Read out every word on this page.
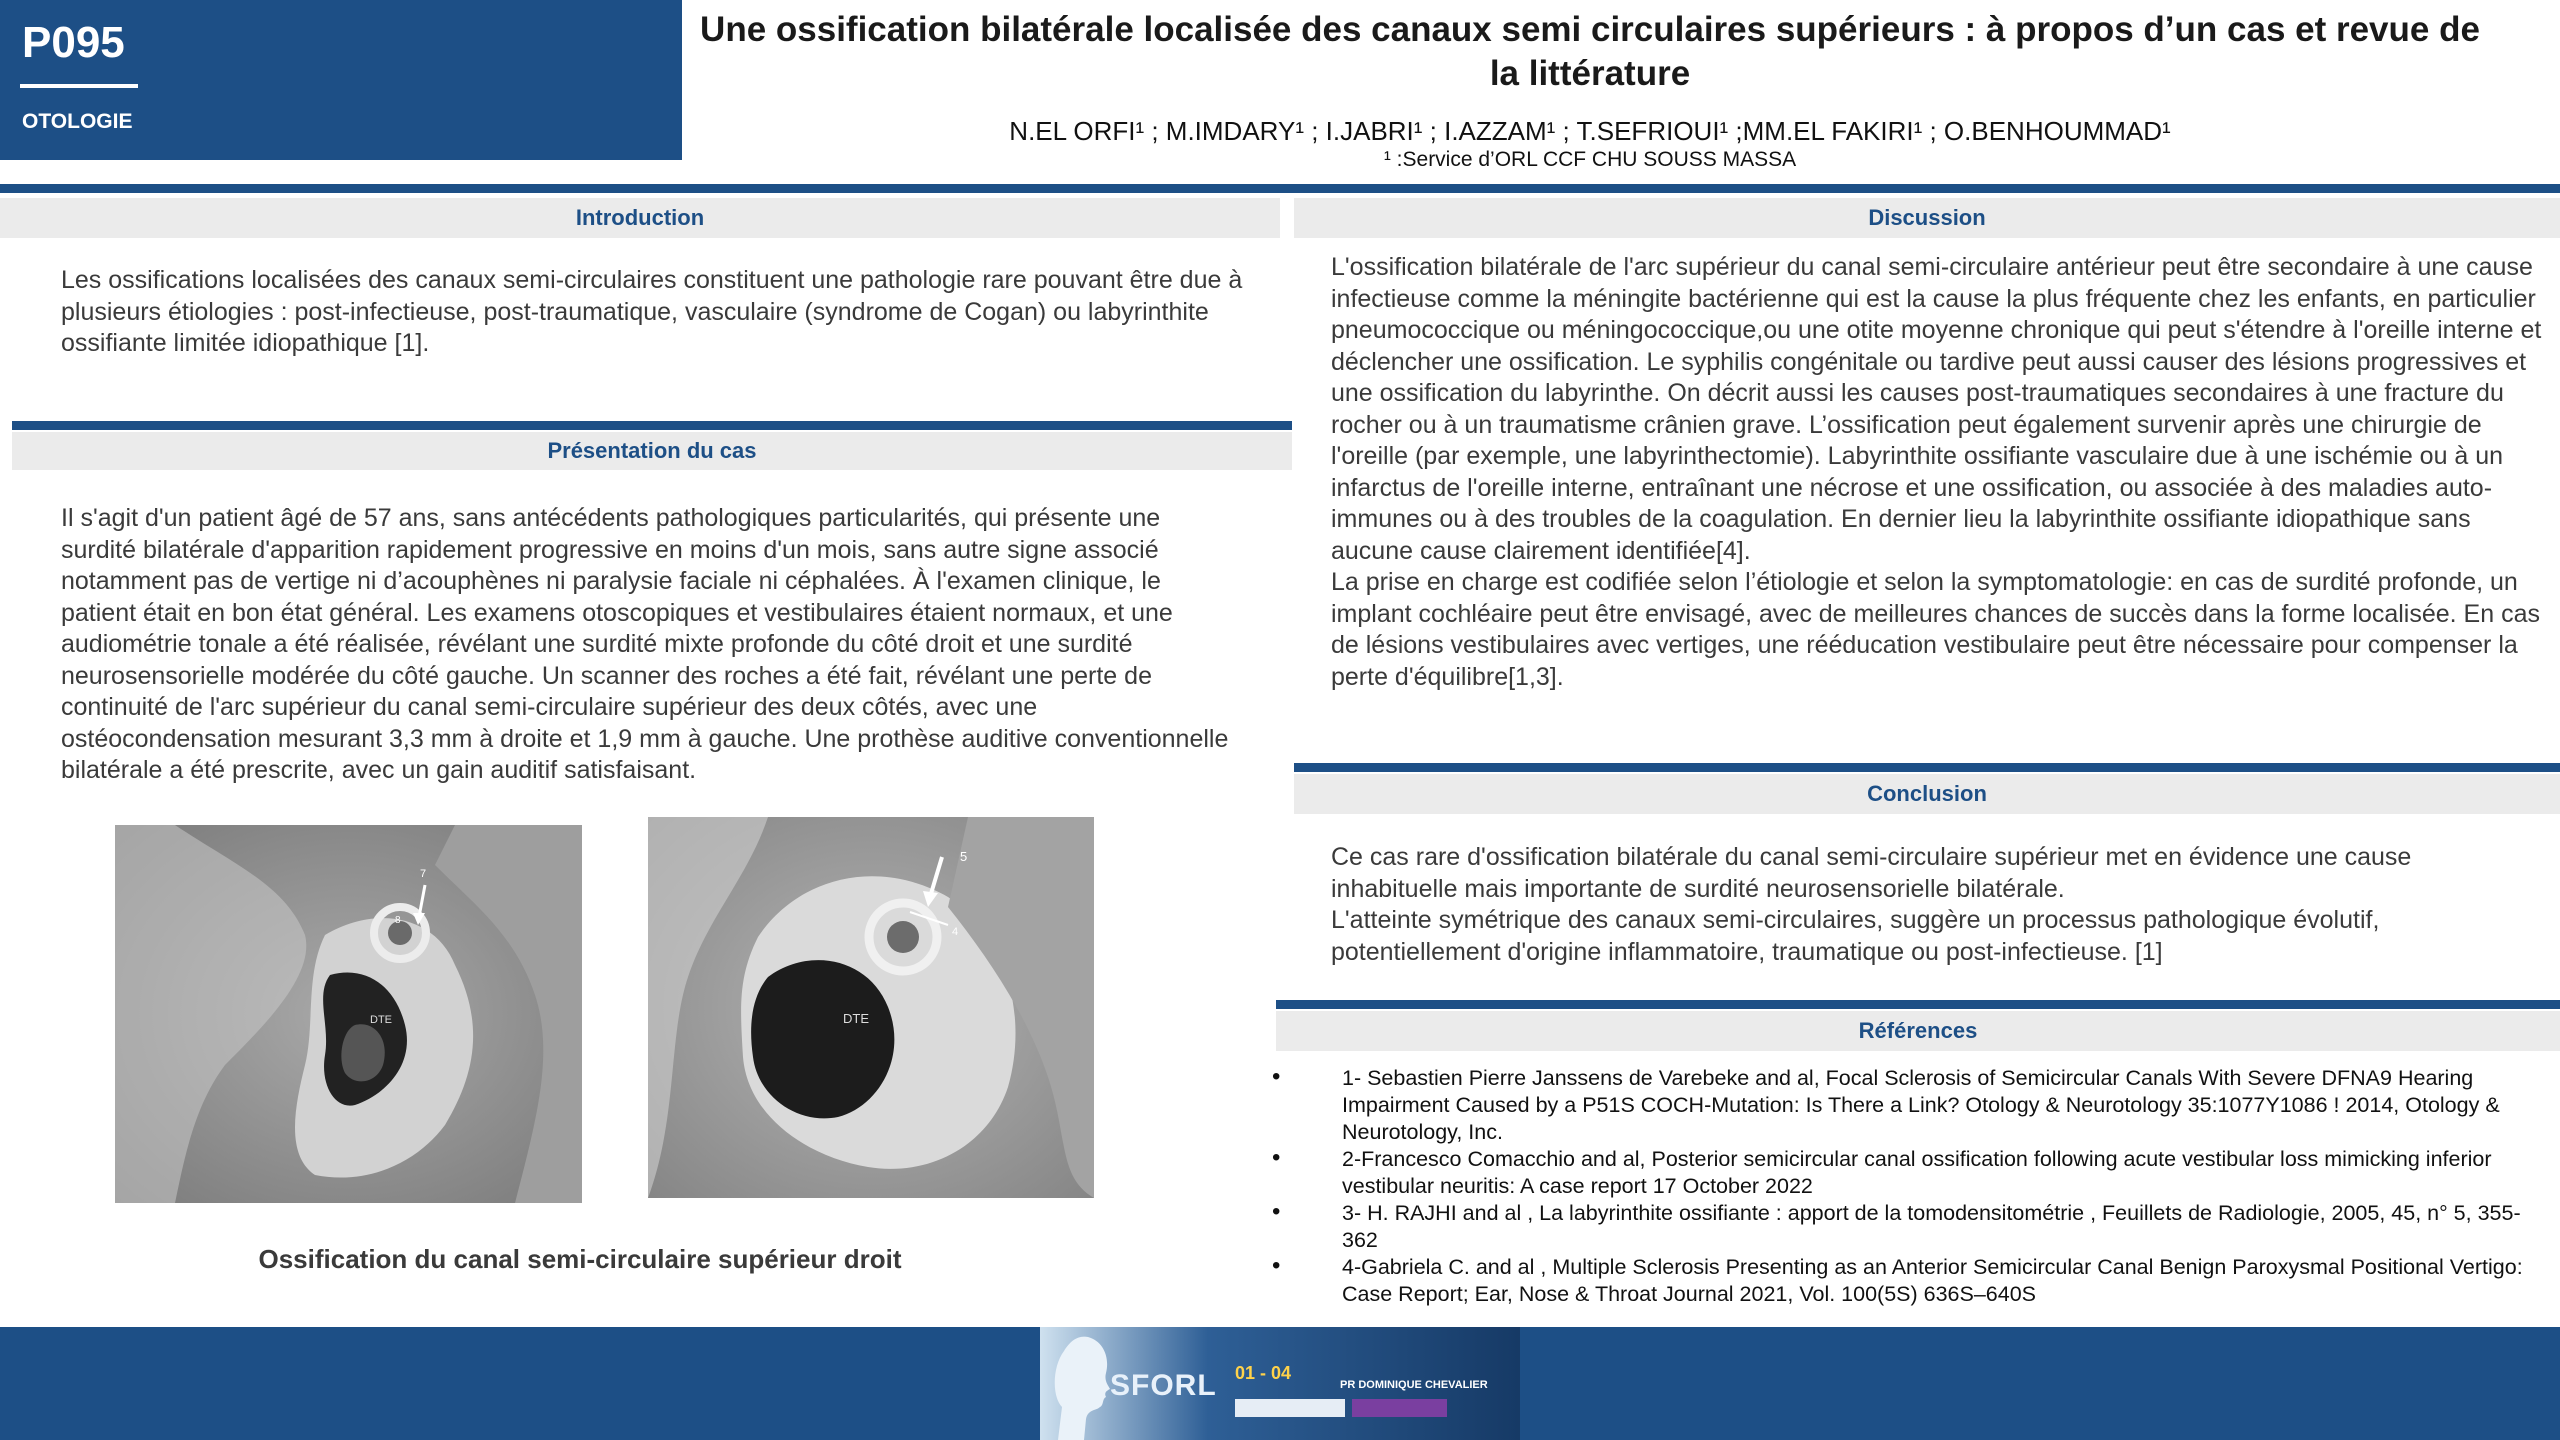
P095
OTOLOGIE
Une ossification bilatérale localisée des canaux semi circulaires supérieurs : à propos d’un cas et revue de la littérature
N.EL ORFI¹ ; M.IMDARY¹ ; I.JABRI¹ ; I.AZZAM¹ ; T.SEFRIOUI¹ ;MM.EL FAKIRI¹ ; O.BENHOUMMAD¹
¹ :Service d’ORL CCF CHU SOUSS MASSA
Introduction
Les ossifications localisées des canaux semi-circulaires constituent une pathologie rare pouvant être due à plusieurs étiologies : post-infectieuse, post-traumatique, vasculaire (syndrome de Cogan) ou labyrinthite ossifiante limitée idiopathique [1].
Présentation du cas
Il s'agit d'un patient âgé de 57 ans, sans antécédents pathologiques particularités, qui présente une surdité bilatérale d'apparition rapidement progressive en moins d'un mois, sans autre signe associé notamment pas de vertige ni d’acouphènes ni paralysie faciale ni céphalées. À l'examen clinique, le patient était en bon état général. Les examens otoscopiques et vestibulaires étaient normaux, et une audiométrie tonale a été réalisée, révélant une surdité mixte profonde du côté droit et une surdité neurosensorielle modérée du côté gauche. Un scanner des roches a été fait, révélant une perte de continuité de l'arc supérieur du canal semi-circulaire supérieur des deux côtés, avec une ostéocondensation mesurant 3,3 mm à droite et 1,9 mm à gauche. Une prothèse auditive conventionnelle bilatérale a été prescrite, avec un gain auditif satisfaisant.
7
8
DTE
5
4
DTE
Ossification du canal semi-circulaire supérieur droit
Discussion

L'ossification bilatérale de l'arc supérieur du canal semi-circulaire antérieur peut être secondaire à une cause infectieuse comme la méningite bactérienne qui est la cause la plus fréquente chez les enfants, en particulier pneumococcique ou méningococcique,ou une otite moyenne chronique qui peut s'étendre à l'oreille interne et déclencher une ossification. Le syphilis congénitale ou tardive peut aussi causer des lésions progressives et une ossification du labyrinthe. On décrit aussi les causes post-traumatiques secondaires à une fracture du rocher ou à un traumatisme crânien grave. L’ossification peut également survenir après une chirurgie de l'oreille (par exemple, une labyrinthectomie). Labyrinthite ossifiante vasculaire due à une ischémie ou à un infarctus de l'oreille interne, entraînant une nécrose et une ossification, ou associée à des maladies auto-immunes ou à des troubles de la coagulation. En dernier lieu la labyrinthite ossifiante idiopathique sans aucune cause clairement identifiée[4].

La prise en charge est codifiée selon l’étiologie et selon la symptomatologie: en cas de surdité profonde, un implant cochléaire peut être envisagé, avec de meilleures chances de succès dans la forme localisée. En cas de lésions vestibulaires avec vertiges, une rééducation vestibulaire peut être nécessaire pour compenser la perte d'équilibre[1,3].

Conclusion

Ce cas rare d'ossification bilatérale du canal semi-circulaire supérieur met en évidence une cause inhabituelle mais importante de surdité neurosensorielle bilatérale.

L'atteinte symétrique des canaux semi-circulaires, suggère un processus pathologique évolutif, potentiellement d'origine inflammatoire, traumatique ou post-infectieuse. [1]

Références
•	1- Sebastien Pierre Janssens de Varebeke and al, Focal Sclerosis of Semicircular Canals With Severe DFNA9 Hearing Impairment Caused by a P51S COCH-Mutation: Is There a Link? Otology & Neurotology 35:1077Y1086 ! 2014, Otology & Neurotology, Inc.
•	2-Francesco Comacchio and al, Posterior semicircular canal ossification following acute vestibular loss mimicking inferior vestibular neuritis: A case report 17 October 2022
•	3- H. RAJHI and al , La labyrinthite ossifiante : apport de la tomodensitométrie , Feuillets de Radiologie, 2005, 45, n° 5, 355-362
•	4-Gabriela C. and al , Multiple Sclerosis Presenting as an Anterior Semicircular Canal Benign Paroxysmal Positional Vertigo: Case Report; Ear, Nose & Throat Journal 2021, Vol. 100(5S) 636S–640S
SFORL 01 - 04
PR DOMINIQUE CHEVALIER
